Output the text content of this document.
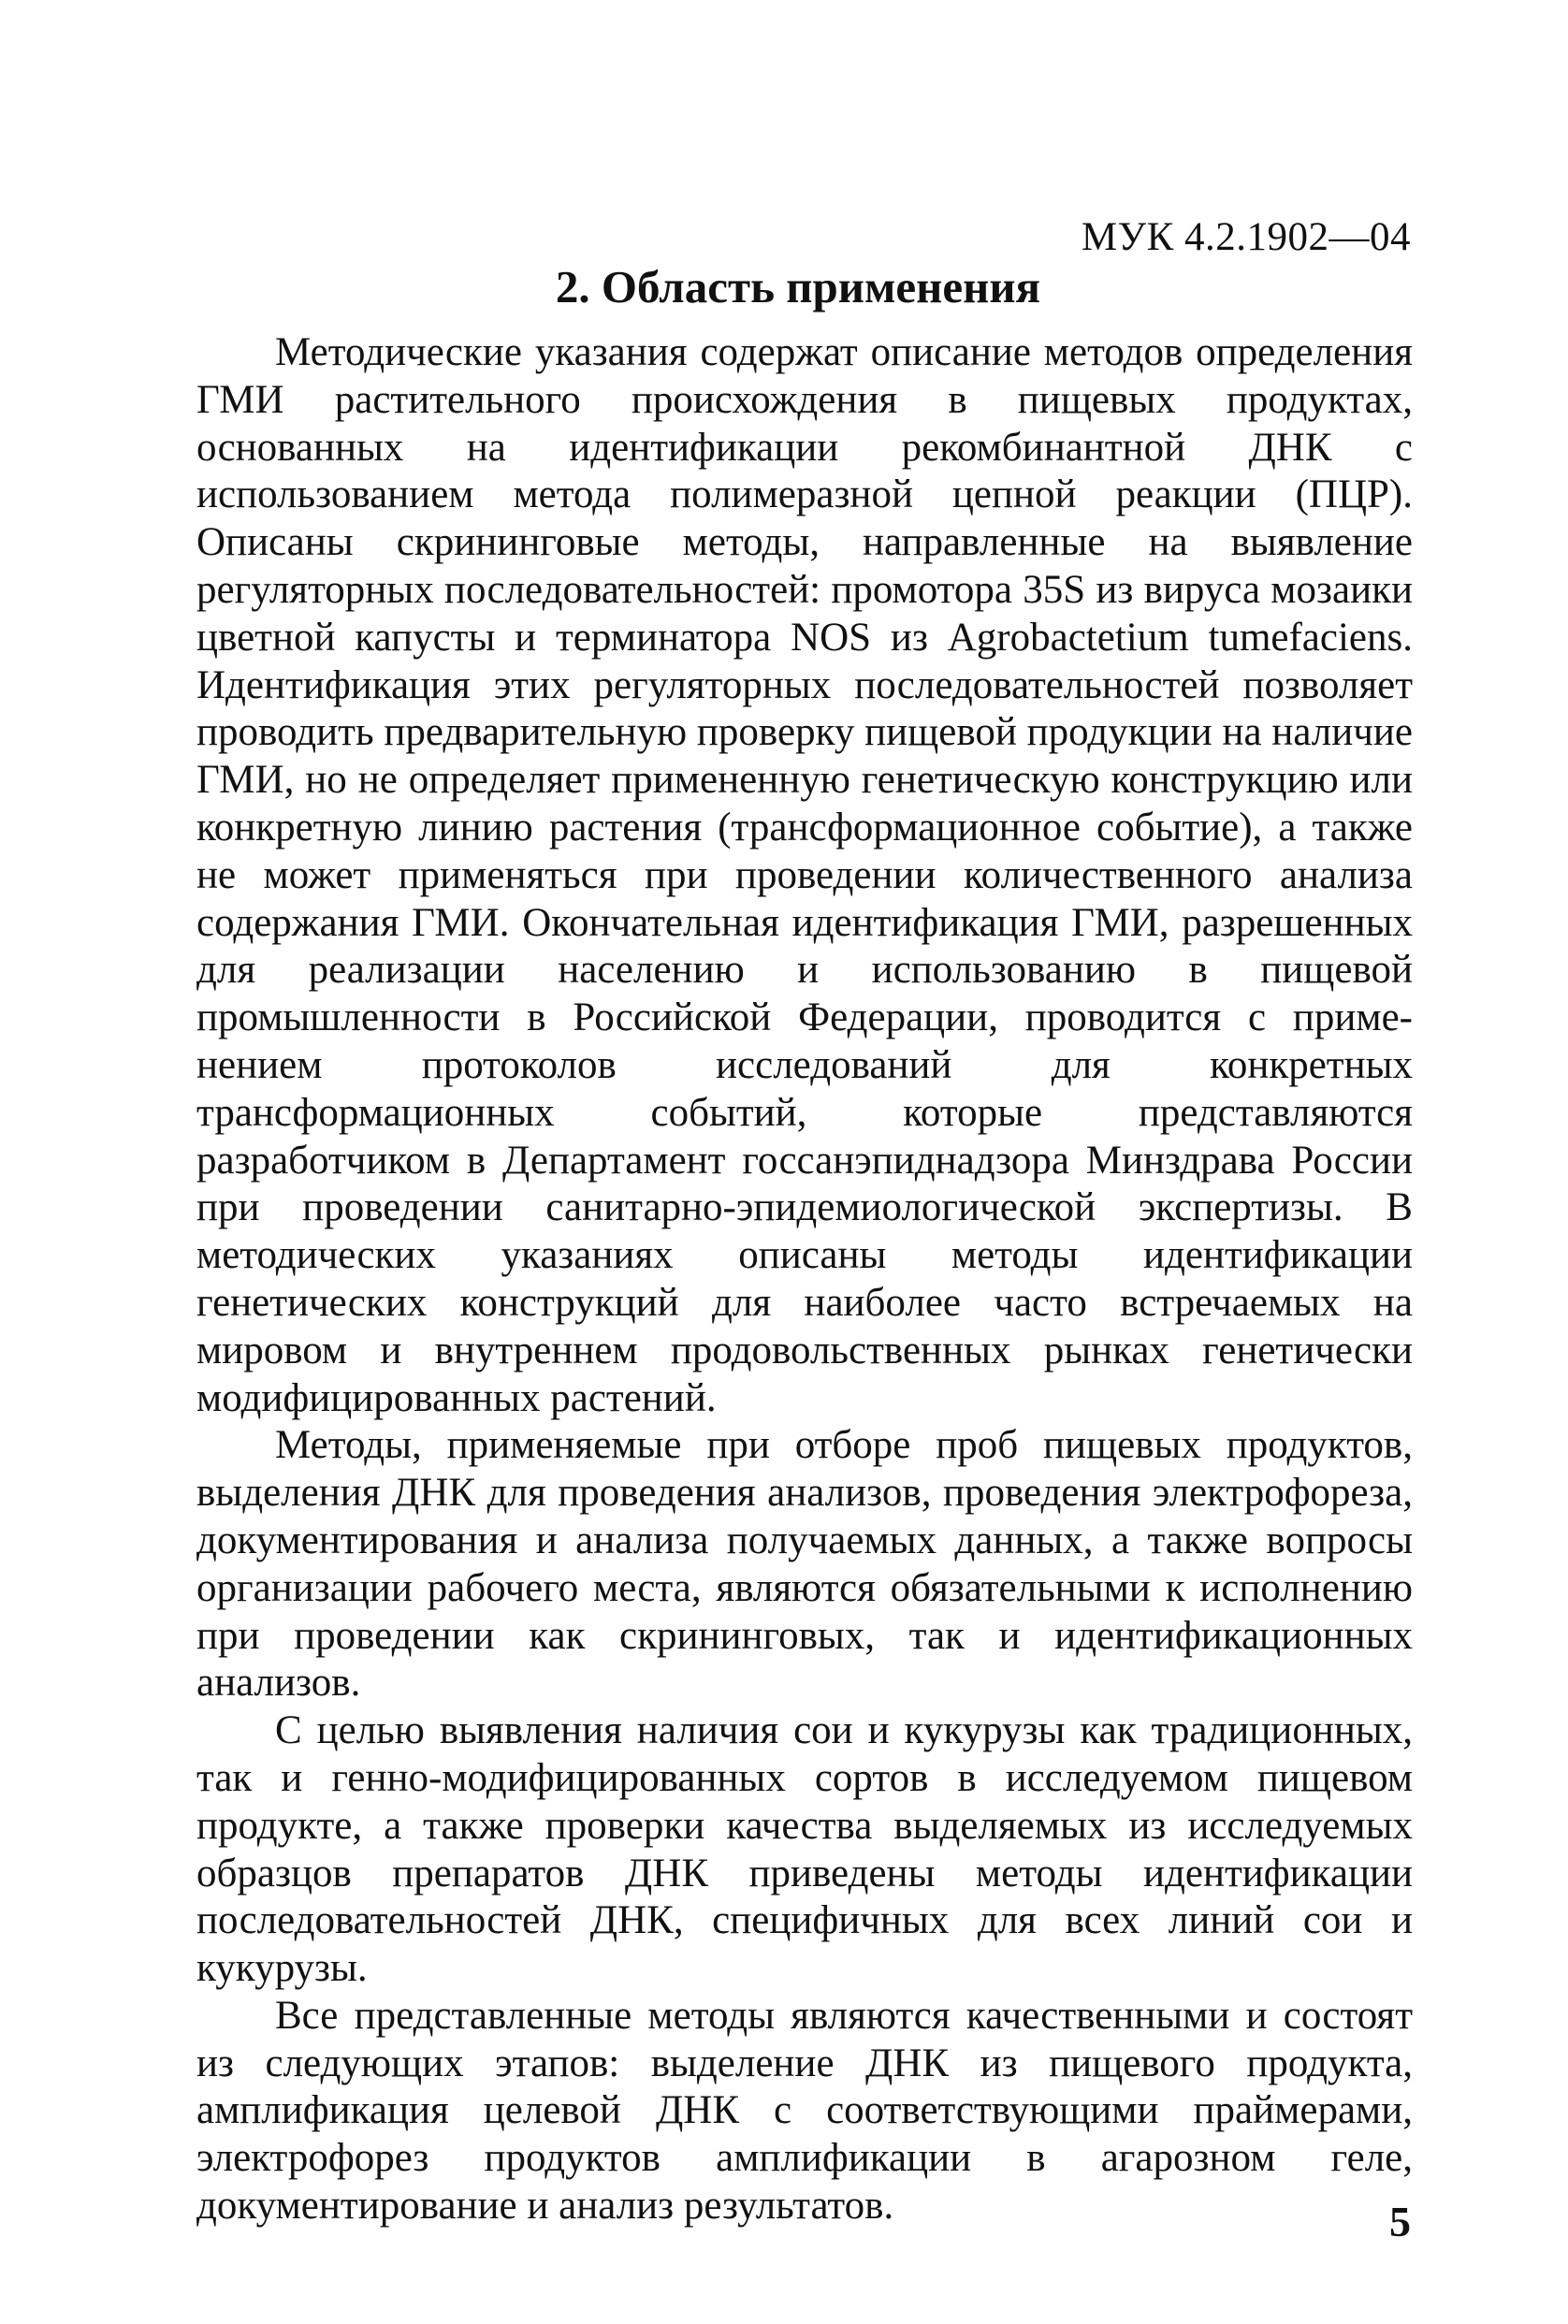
МУК 4.2.1902—04
2. Область применения

Методические указания содержат описание методов определения ГМИ растительного происхождения в пищевых продуктах, основанных на идентификации рекомбинантной ДНК с использованием метода полимеразной цепной реакции (ПЦР). Описаны скрининговые методы, направленные на выявление регуляторных последовательностей: промотора 35S из вируса мозаики цветной капусты и терминатора NOS из Agrobactetium tumefaciens. Идентификация этих регуляторных последовательностей позволяет проводить предварительную проверку пищевой продукции на наличие ГМИ, но не определяет примененную генетическую конструкцию или конкретную линию растения (трансформационное событие), а также не может применяться при проведении количественного анализа содержания ГМИ. Окончательная идентификация ГМИ, разрешенных для реализации населению и использованию в пищевой промышленности в Российской Федерации, проводится с применением протоколов исследований для конкретных трансформационных событий, которые представляются разработчиком в Департамент госсанэпиднадзора Минздрава России при проведении санитарно-эпидемиологической экспертизы. В методических указаниях описаны методы идентификации генетических конструкций для наиболее часто встречаемых на мировом и внутреннем продовольственных рынках генетически модифицированных растений.

Методы, применяемые при отборе проб пищевых продуктов, выделения ДНК для проведения анализов, проведения электрофореза, документирования и анализа получаемых данных, а также вопросы организации рабочего места, являются обязательными к исполнению при проведении как скрининговых, так и идентификационных анализов.

С целью выявления наличия сои и кукурузы как традиционных, так и генно-модифицированных сортов в исследуемом пищевом продукте, а также проверки качества выделяемых из исследуемых образцов препаратов ДНК приведены методы идентификации последовательностей ДНК, специфичных для всех линий сои и кукурузы.

Все представленные методы являются качественными и состоят из следующих этапов: выделение ДНК из пищевого продукта, амплификация целевой ДНК с соответствующими праймерами, электрофорез продуктов амплификации в агарозном геле, документирование и анализ результатов.	5
